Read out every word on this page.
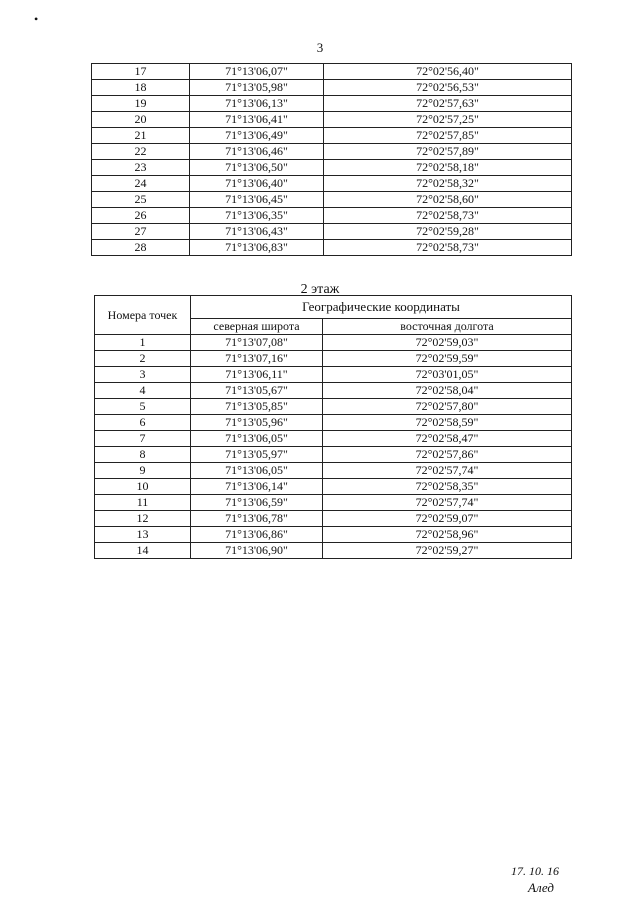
•
3
17	71°13'06,07"	72°02'56,40"
18	71°13'05,98"	72°02'56,53"
19	71°13'06,13"	72°02'57,63"
20	71°13'06,41"	72°02'57,25"
21	71°13'06,49"	72°02'57,85"
22	71°13'06,46"	72°02'57,89"
23	71°13'06,50"	72°02'58,18"
24	71°13'06,40"	72°02'58,32"
25	71°13'06,45"	72°02'58,60"
26	71°13'06,35"	72°02'58,73"
27	71°13'06,43"	72°02'59,28"
28	71°13'06,83"	72°02'58,73"
2 этаж
Номера точек	Географические координаты	
	северная широта	восточная долгота
1	71°13'07,08"	72°02'59,03"
2	71°13'07,16"	72°02'59,59"
3	71°13'06,11"	72°03'01,05"
4	71°13'05,67"	72°02'58,04"
5	71°13'05,85"	72°02'57,80"
6	71°13'05,96"	72°02'58,59"
7	71°13'06,05"	72°02'58,47"
8	71°13'05,97"	72°02'57,86"
9	71°13'06,05"	72°02'57,74"
10	71°13'06,14"	72°02'58,35"
11	71°13'06,59"	72°02'57,74"
12	71°13'06,78"	72°02'59,07"
13	71°13'06,86"	72°02'58,96"
14	71°13'06,90"	72°02'59,27"
17. 10. 16
Алед
